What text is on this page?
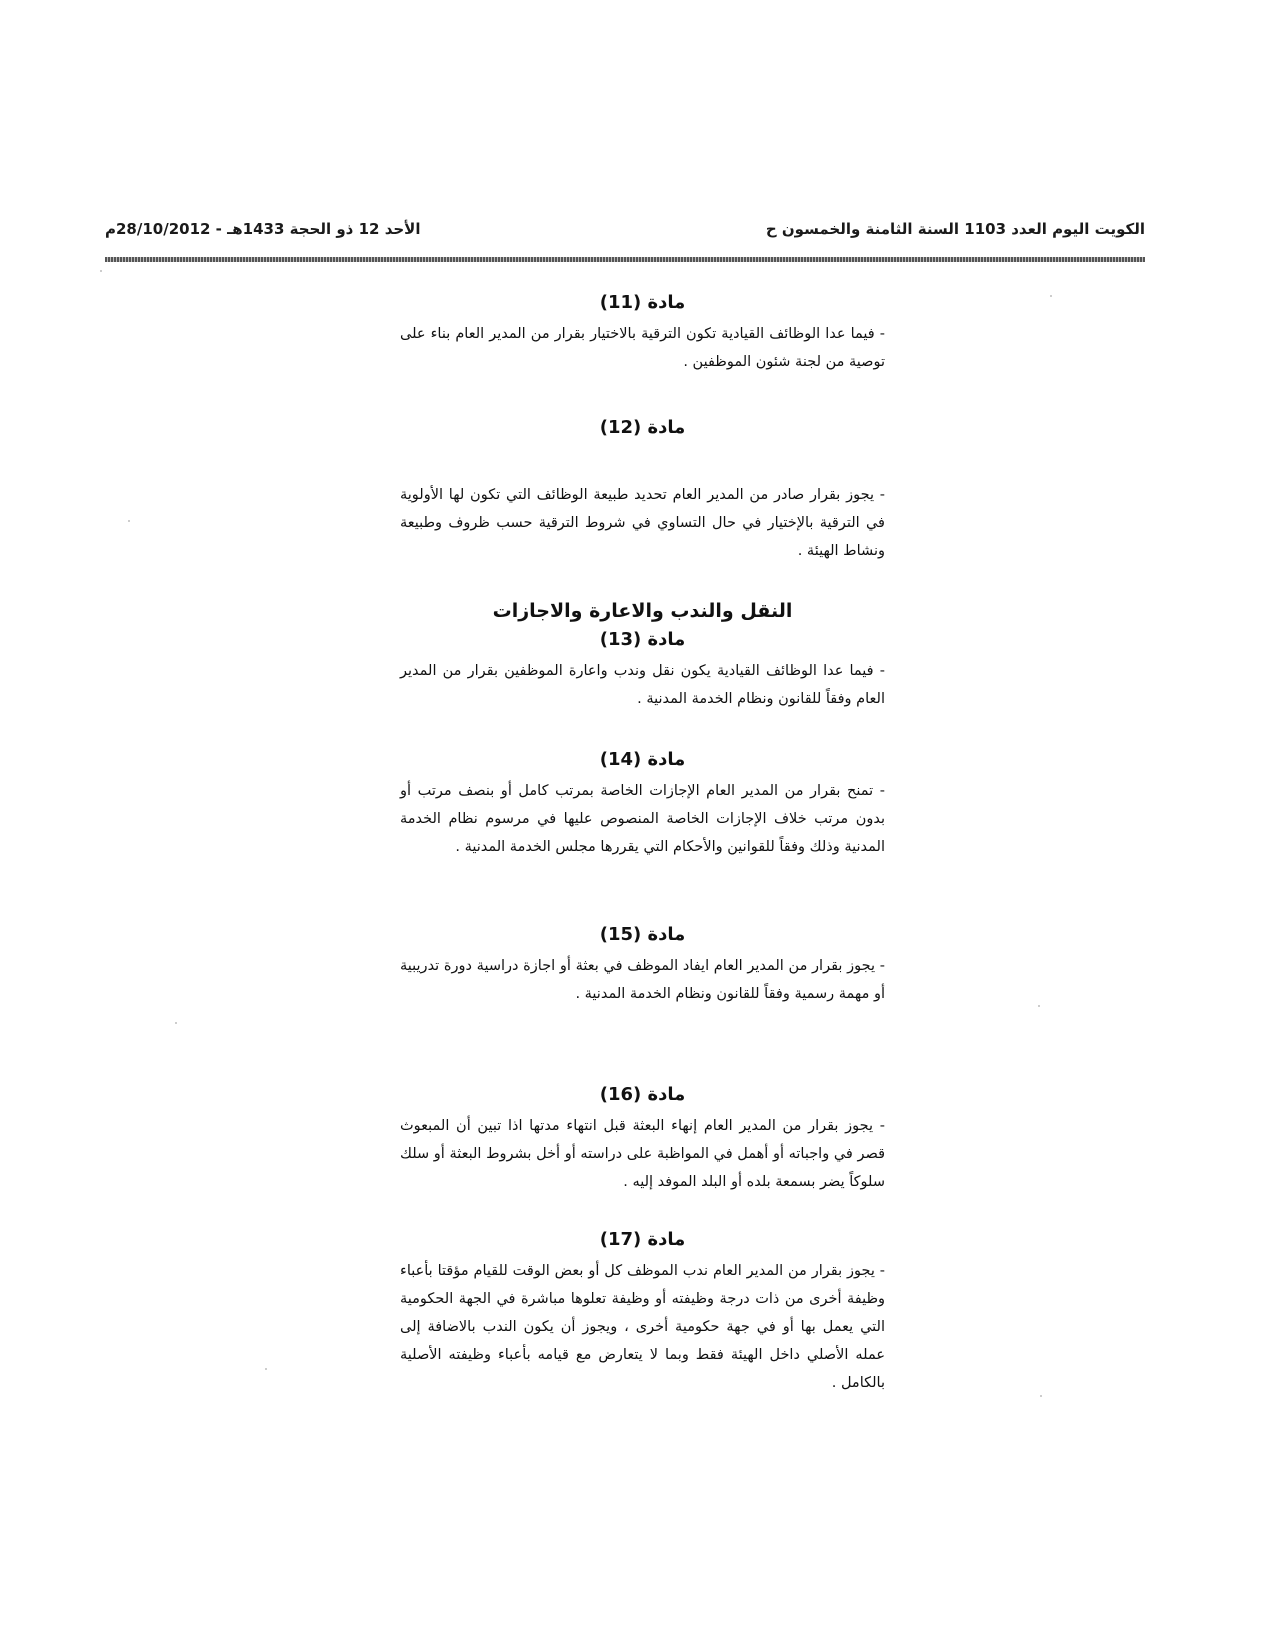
الكويت اليوم العدد 1103 السنة الثامنة والخمسون ح
الأحد 12 ذو الحجة 1433هـ - 28/10/2012م
مادة (11)

- فيما عدا الوظائف القيادية تكون الترقية بالاختيار بقرار من المدير العام بناء على توصية من لجنة شئون الموظفين .

مادة (12)

- يجوز بقرار صادر من المدير العام تحديد طبيعة الوظائف التي تكون لها الأولوية في الترقية بالإختيار في حال التساوي في شروط الترقية حسب ظروف وطبيعة ونشاط الهيئة .

النقل والندب والاعارة والاجازات
مادة (13)

- فيما عدا الوظائف القيادية يكون نقل وندب واعارة الموظفين بقرار من المدير العام وفقاً للقانون ونظام الخدمة المدنية .

مادة (14)

- تمنح بقرار من المدير العام الإجازات الخاصة بمرتب كامل أو بنصف مرتب أو بدون مرتب خلاف الإجازات الخاصة المنصوص عليها في مرسوم نظام الخدمة المدنية وذلك وفقاً للقوانين والأحكام التي يقررها مجلس الخدمة المدنية .

مادة (15)

- يجوز بقرار من المدير العام ايفاد الموظف في بعثة أو اجازة دراسية دورة تدريبية أو مهمة رسمية وفقاً للقانون ونظام الخدمة المدنية .

مادة (16)

- يجوز بقرار من المدير العام إنهاء البعثة قبل انتهاء مدتها اذا تبين أن المبعوث قصر في واجباته أو أهمل في المواظبة على دراسته أو أخل بشروط البعثة أو سلك سلوكاً يضر بسمعة بلده أو البلد الموفد إليه .

مادة (17)

- يجوز بقرار من المدير العام ندب الموظف كل أو بعض الوقت للقيام مؤقتا بأعباء وظيفة أخرى من ذات درجة وظيفته أو وظيفة تعلوها مباشرة في الجهة الحكومية التي يعمل بها أو في جهة حكومية أخرى ، ويجوز أن يكون الندب بالاضافة إلى عمله الأصلي داخل الهيئة فقط وبما لا يتعارض مع قيامه بأعباء وظيفته الأصلية بالكامل .
